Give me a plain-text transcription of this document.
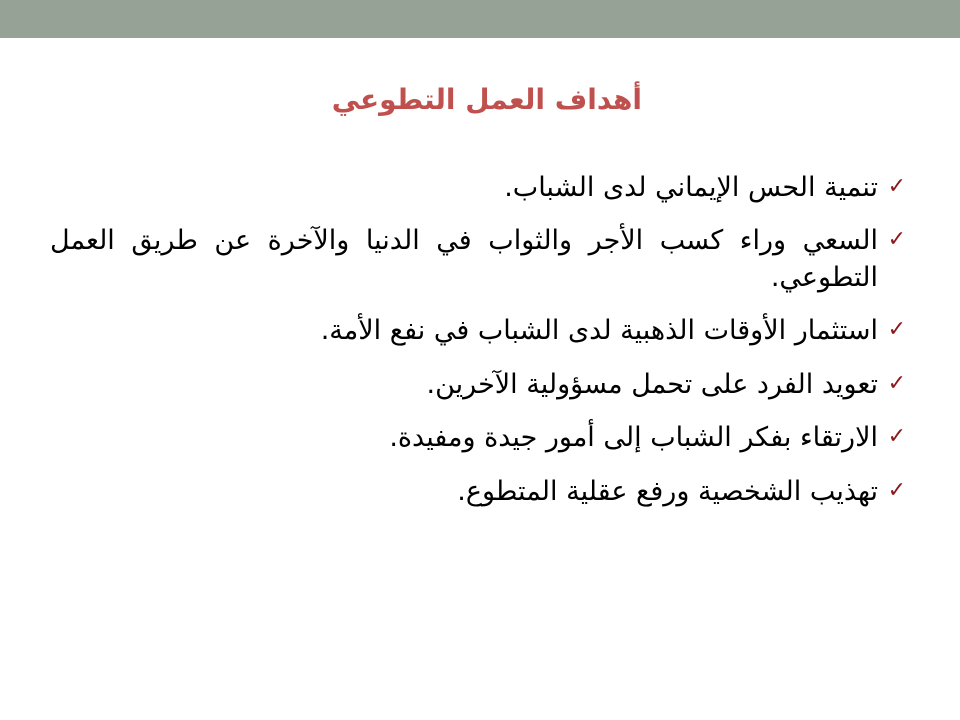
أهداف العمل التطوعي
✓
تنمية الحس الإيماني لدى الشباب.
✓
السعي وراء كسب الأجر والثواب في الدنيا والآخرة عن طريق العمل التطوعي.
✓
استثمار الأوقات الذهبية لدى الشباب في نفع الأمة.
✓
تعويد الفرد على تحمل مسؤولية الآخرين.
✓
الارتقاء بفكر الشباب إلى أمور جيدة ومفيدة.
✓
تهذيب الشخصية ورفع عقلية المتطوع.
